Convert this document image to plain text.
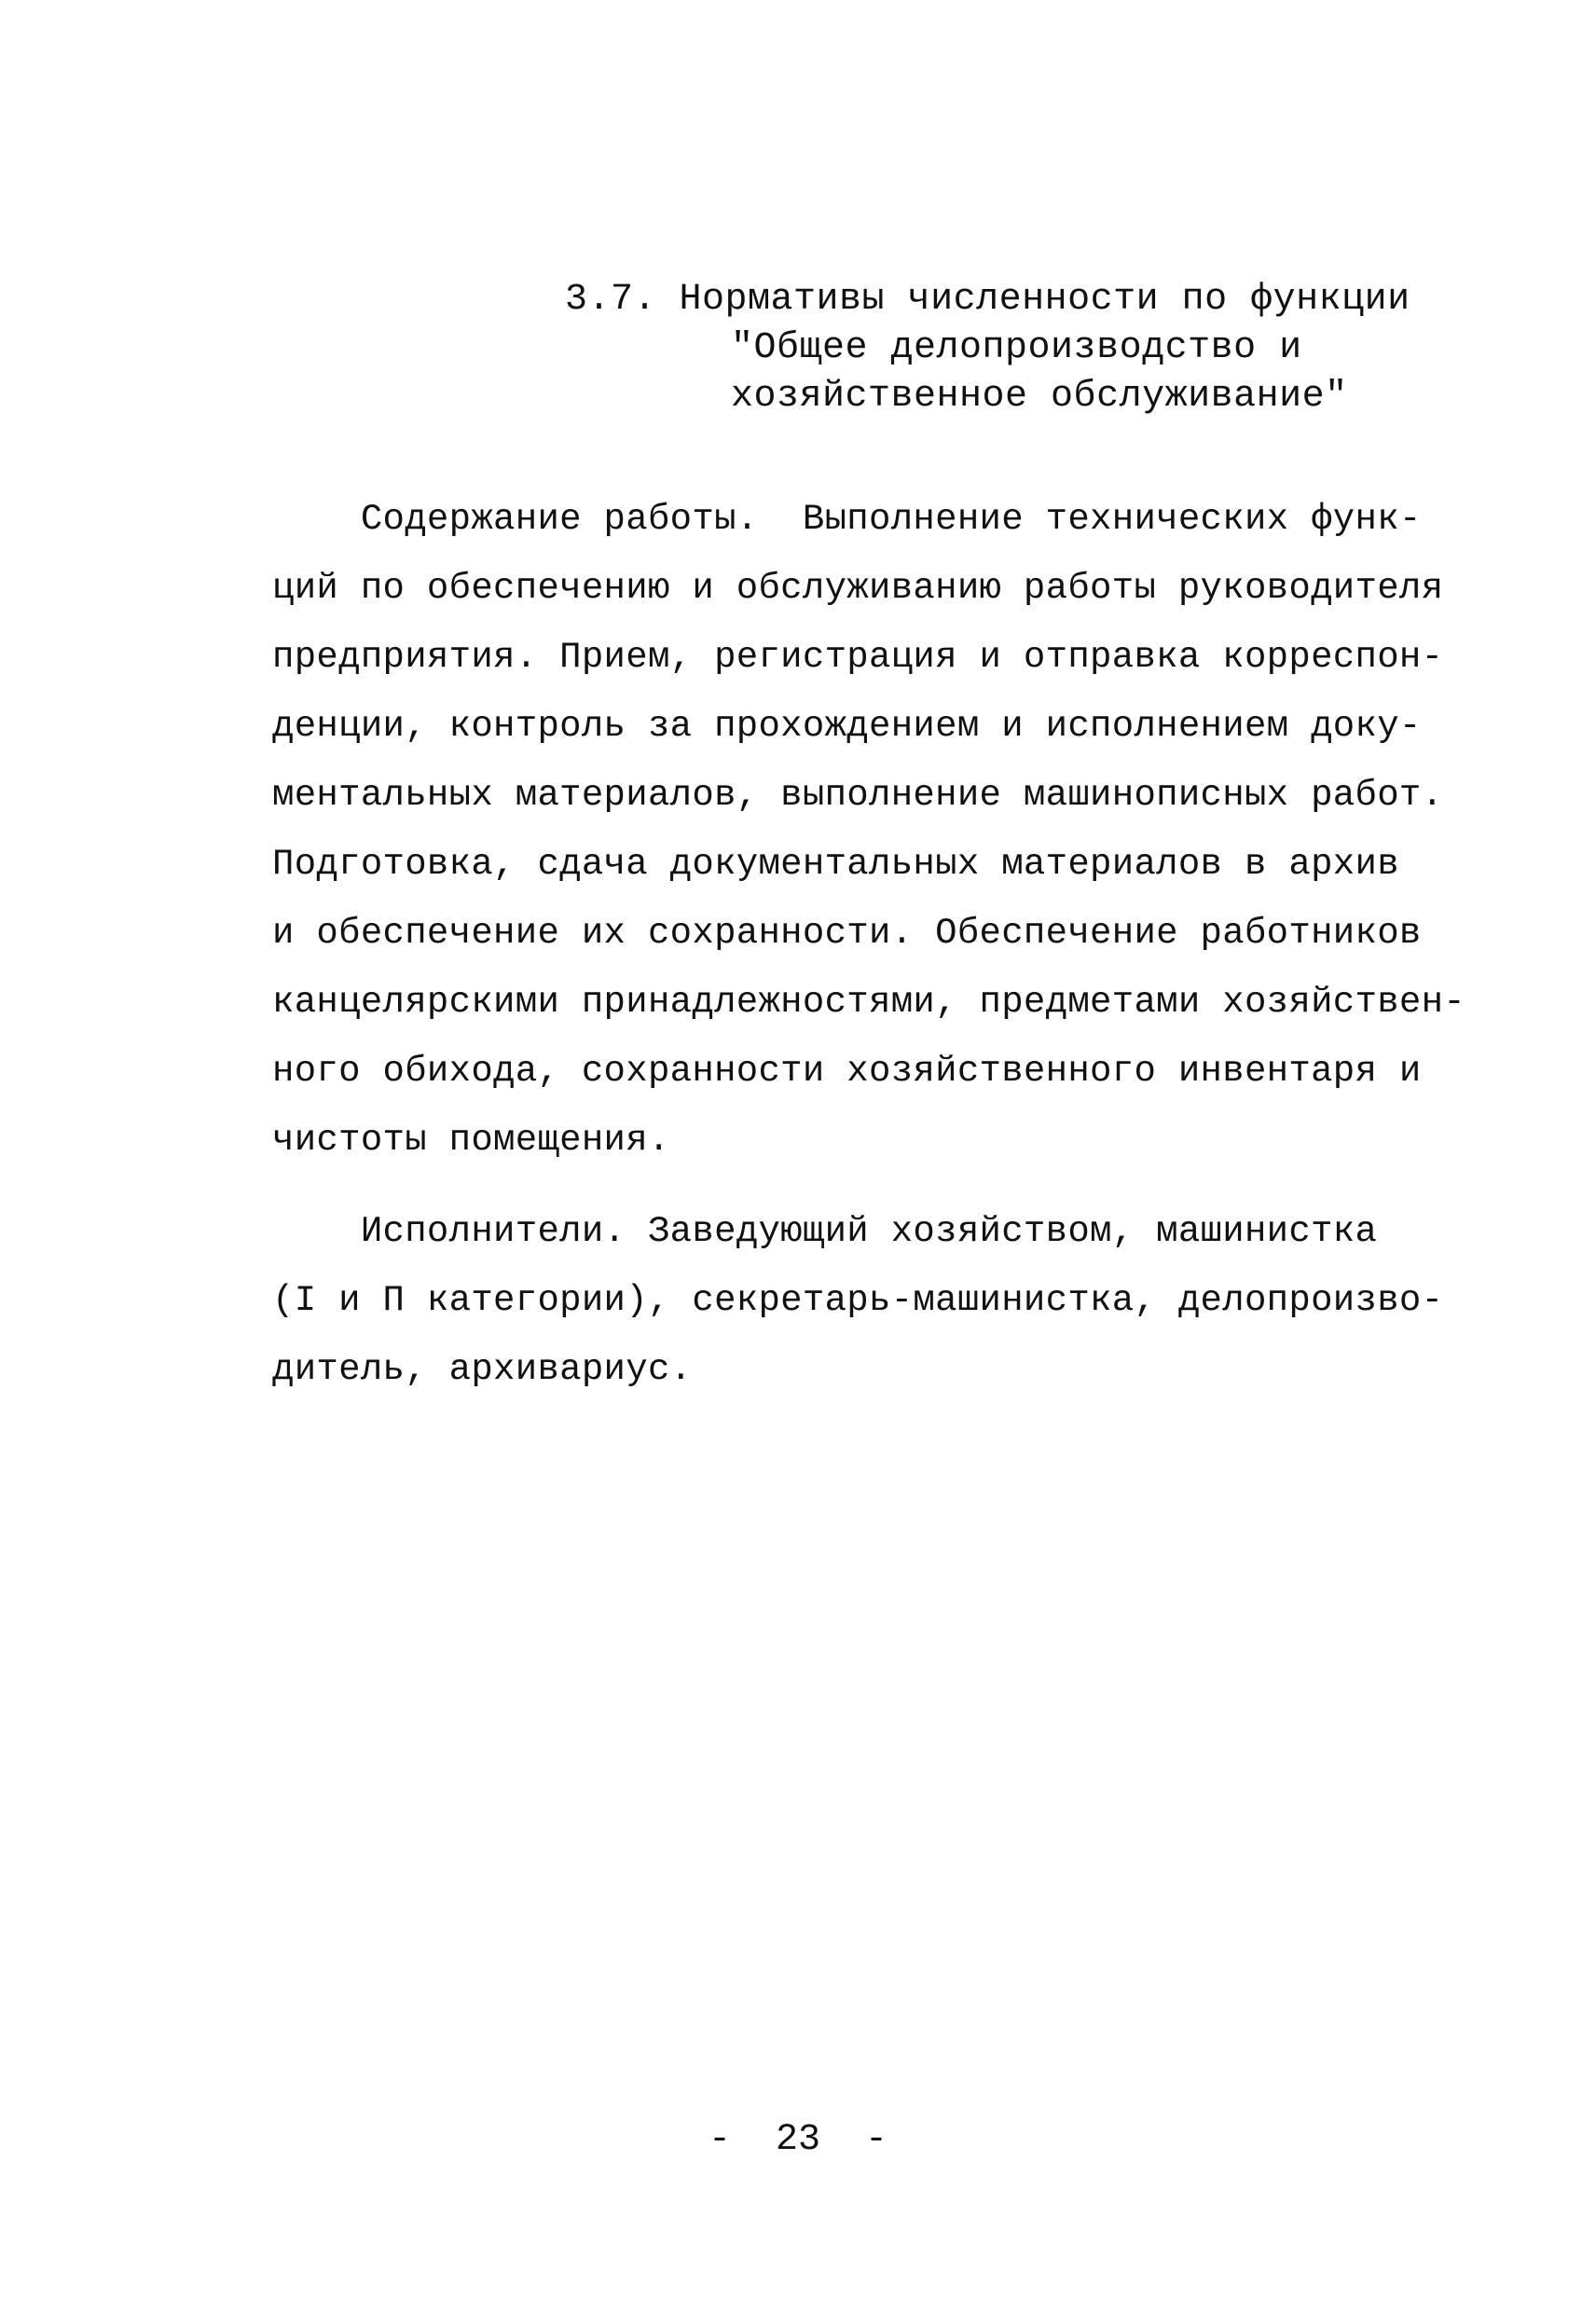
3.7. Нормативы численности по функции
"Общее делопроизводство и
хозяйственное обслуживание"
Содержание работы.  Выполнение технических функ-
ций по обеспечению и обслуживанию работы руководителя
предприятия. Прием, регистрация и отправка корреспон-
денции, контроль за прохождением и исполнением доку-
ментальных материалов, выполнение машинописных работ.
Подготовка, сдача документальных материалов в архив
и обеспечение их сохранности. Обеспечение работников
канцелярскими принадлежностями, предметами хозяйствен-
ного обихода, сохранности хозяйственного инвентаря и
чистоты помещения.
Исполнители. Заведующий хозяйством, машинистка
(I и П категории), секретарь-машинистка, делопроизво-
дитель, архивариус.
-  23  -
